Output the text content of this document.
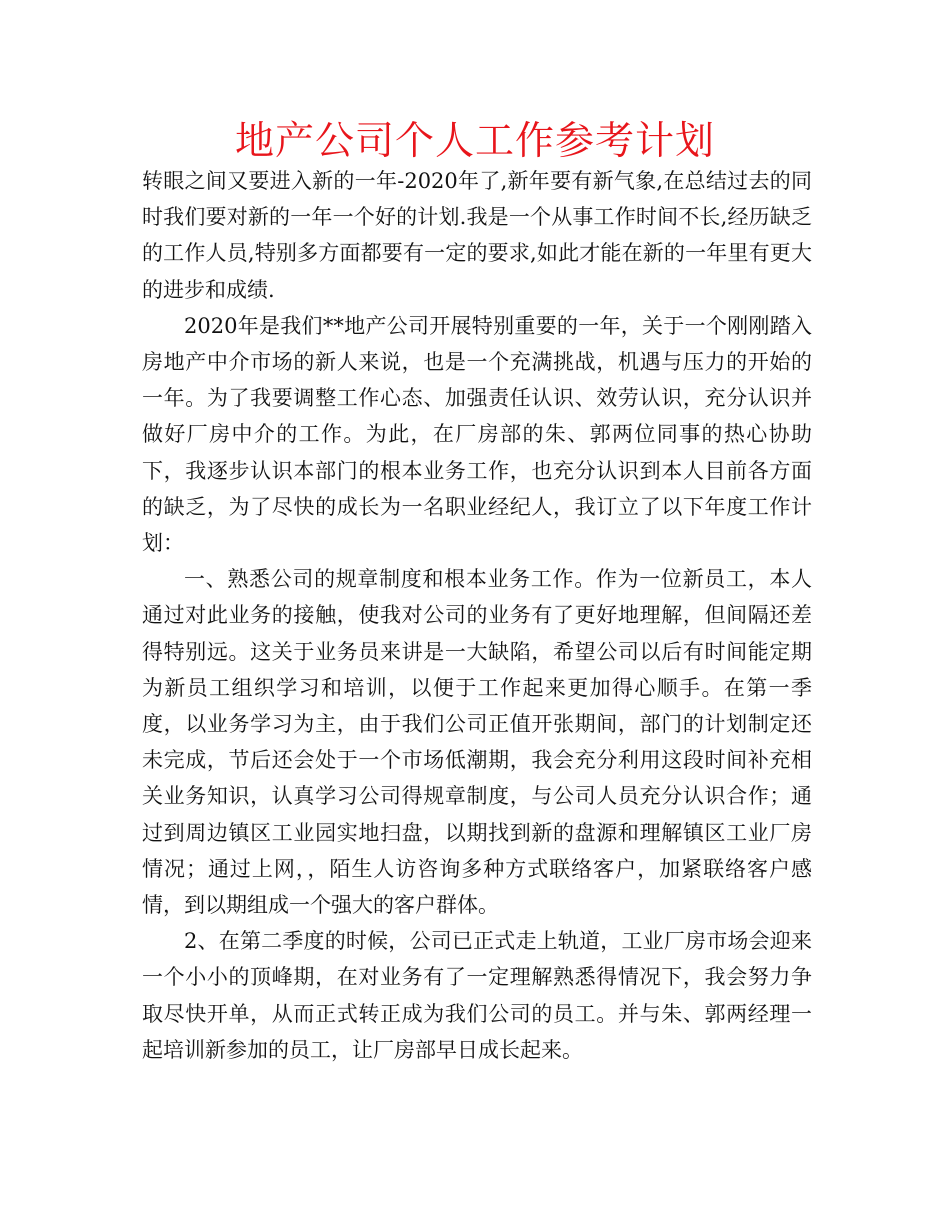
地产公司个人工作参考计划

转眼之间又要进入新的一年-2020年了,新年要有新气象,在总结过去的同时我们要对新的一年一个好的计划.我是一个从事工作时间不长,经历缺乏的工作人员,特别多方面都要有一定的要求,如此才能在新的一年里有更大的进步和成绩.

2020年是我们**地产公司开展特别重要的一年，关于一个刚刚踏入房地产中介市场的新人来说，也是一个充满挑战，机遇与压力的开始的一年。为了我要调整工作心态、加强责任认识、效劳认识，充分认识并做好厂房中介的工作。为此，在厂房部的朱、郭两位同事的热心协助下，我逐步认识本部门的根本业务工作，也充分认识到本人目前各方面的缺乏，为了尽快的成长为一名职业经纪人，我订立了以下年度工作计划：

一、熟悉公司的规章制度和根本业务工作。作为一位新员工，本人通过对此业务的接触，使我对公司的业务有了更好地理解，但间隔还差得特别远。这关于业务员来讲是一大缺陷，希望公司以后有时间能定期为新员工组织学习和培训，以便于工作起来更加得心顺手。在第一季度，以业务学习为主，由于我们公司正值开张期间，部门的计划制定还未完成，节后还会处于一个市场低潮期，我会充分利用这段时间补充相关业务知识，认真学习公司得规章制度，与公司人员充分认识合作；通过到周边镇区工业园实地扫盘，以期找到新的盘源和理解镇区工业厂房情况；通过上网，，陌生人访咨询多种方式联络客户，加紧联络客户感情，到以期组成一个强大的客户群体。

2、在第二季度的时候，公司已正式走上轨道，工业厂房市场会迎来一个小小的顶峰期，在对业务有了一定理解熟悉得情况下，我会努力争取尽快开单，从而正式转正成为我们公司的员工。并与朱、郭两经理一起培训新参加的员工，让厂房部早日成长起来。
